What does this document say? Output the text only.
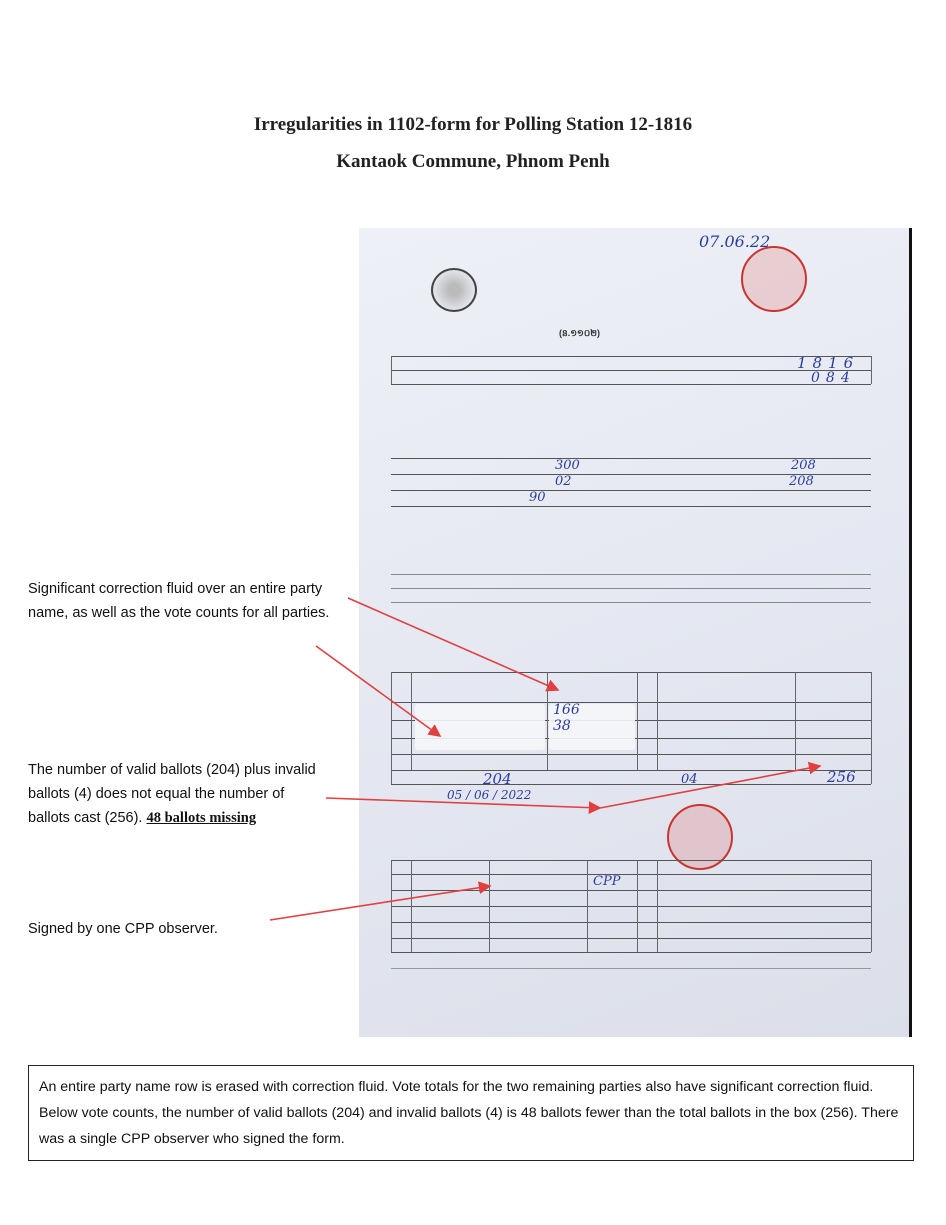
Irregularities in 1102-form for Polling Station 12-1816
Kantaok Commune, Phnom Penh
07.06.22
(ន.១១០២)
1816
084
300	208
02	208
90
166
38
204	04	256
05 / 06 / 2022
CPP
Significant correction fluid over an entire party name, as well as the vote counts for all parties.
The number of valid ballots (204) plus invalid ballots (4) does not equal the number of ballots cast (256). 48 ballots missing
Signed by one CPP observer.
An entire party name row is erased with correction fluid. Vote totals for the two remaining parties also have significant correction fluid. Below vote counts, the number of valid ballots (204) and invalid ballots (4) is 48 ballots fewer than the total ballots in the box (256). There was a single CPP observer who signed the form.
